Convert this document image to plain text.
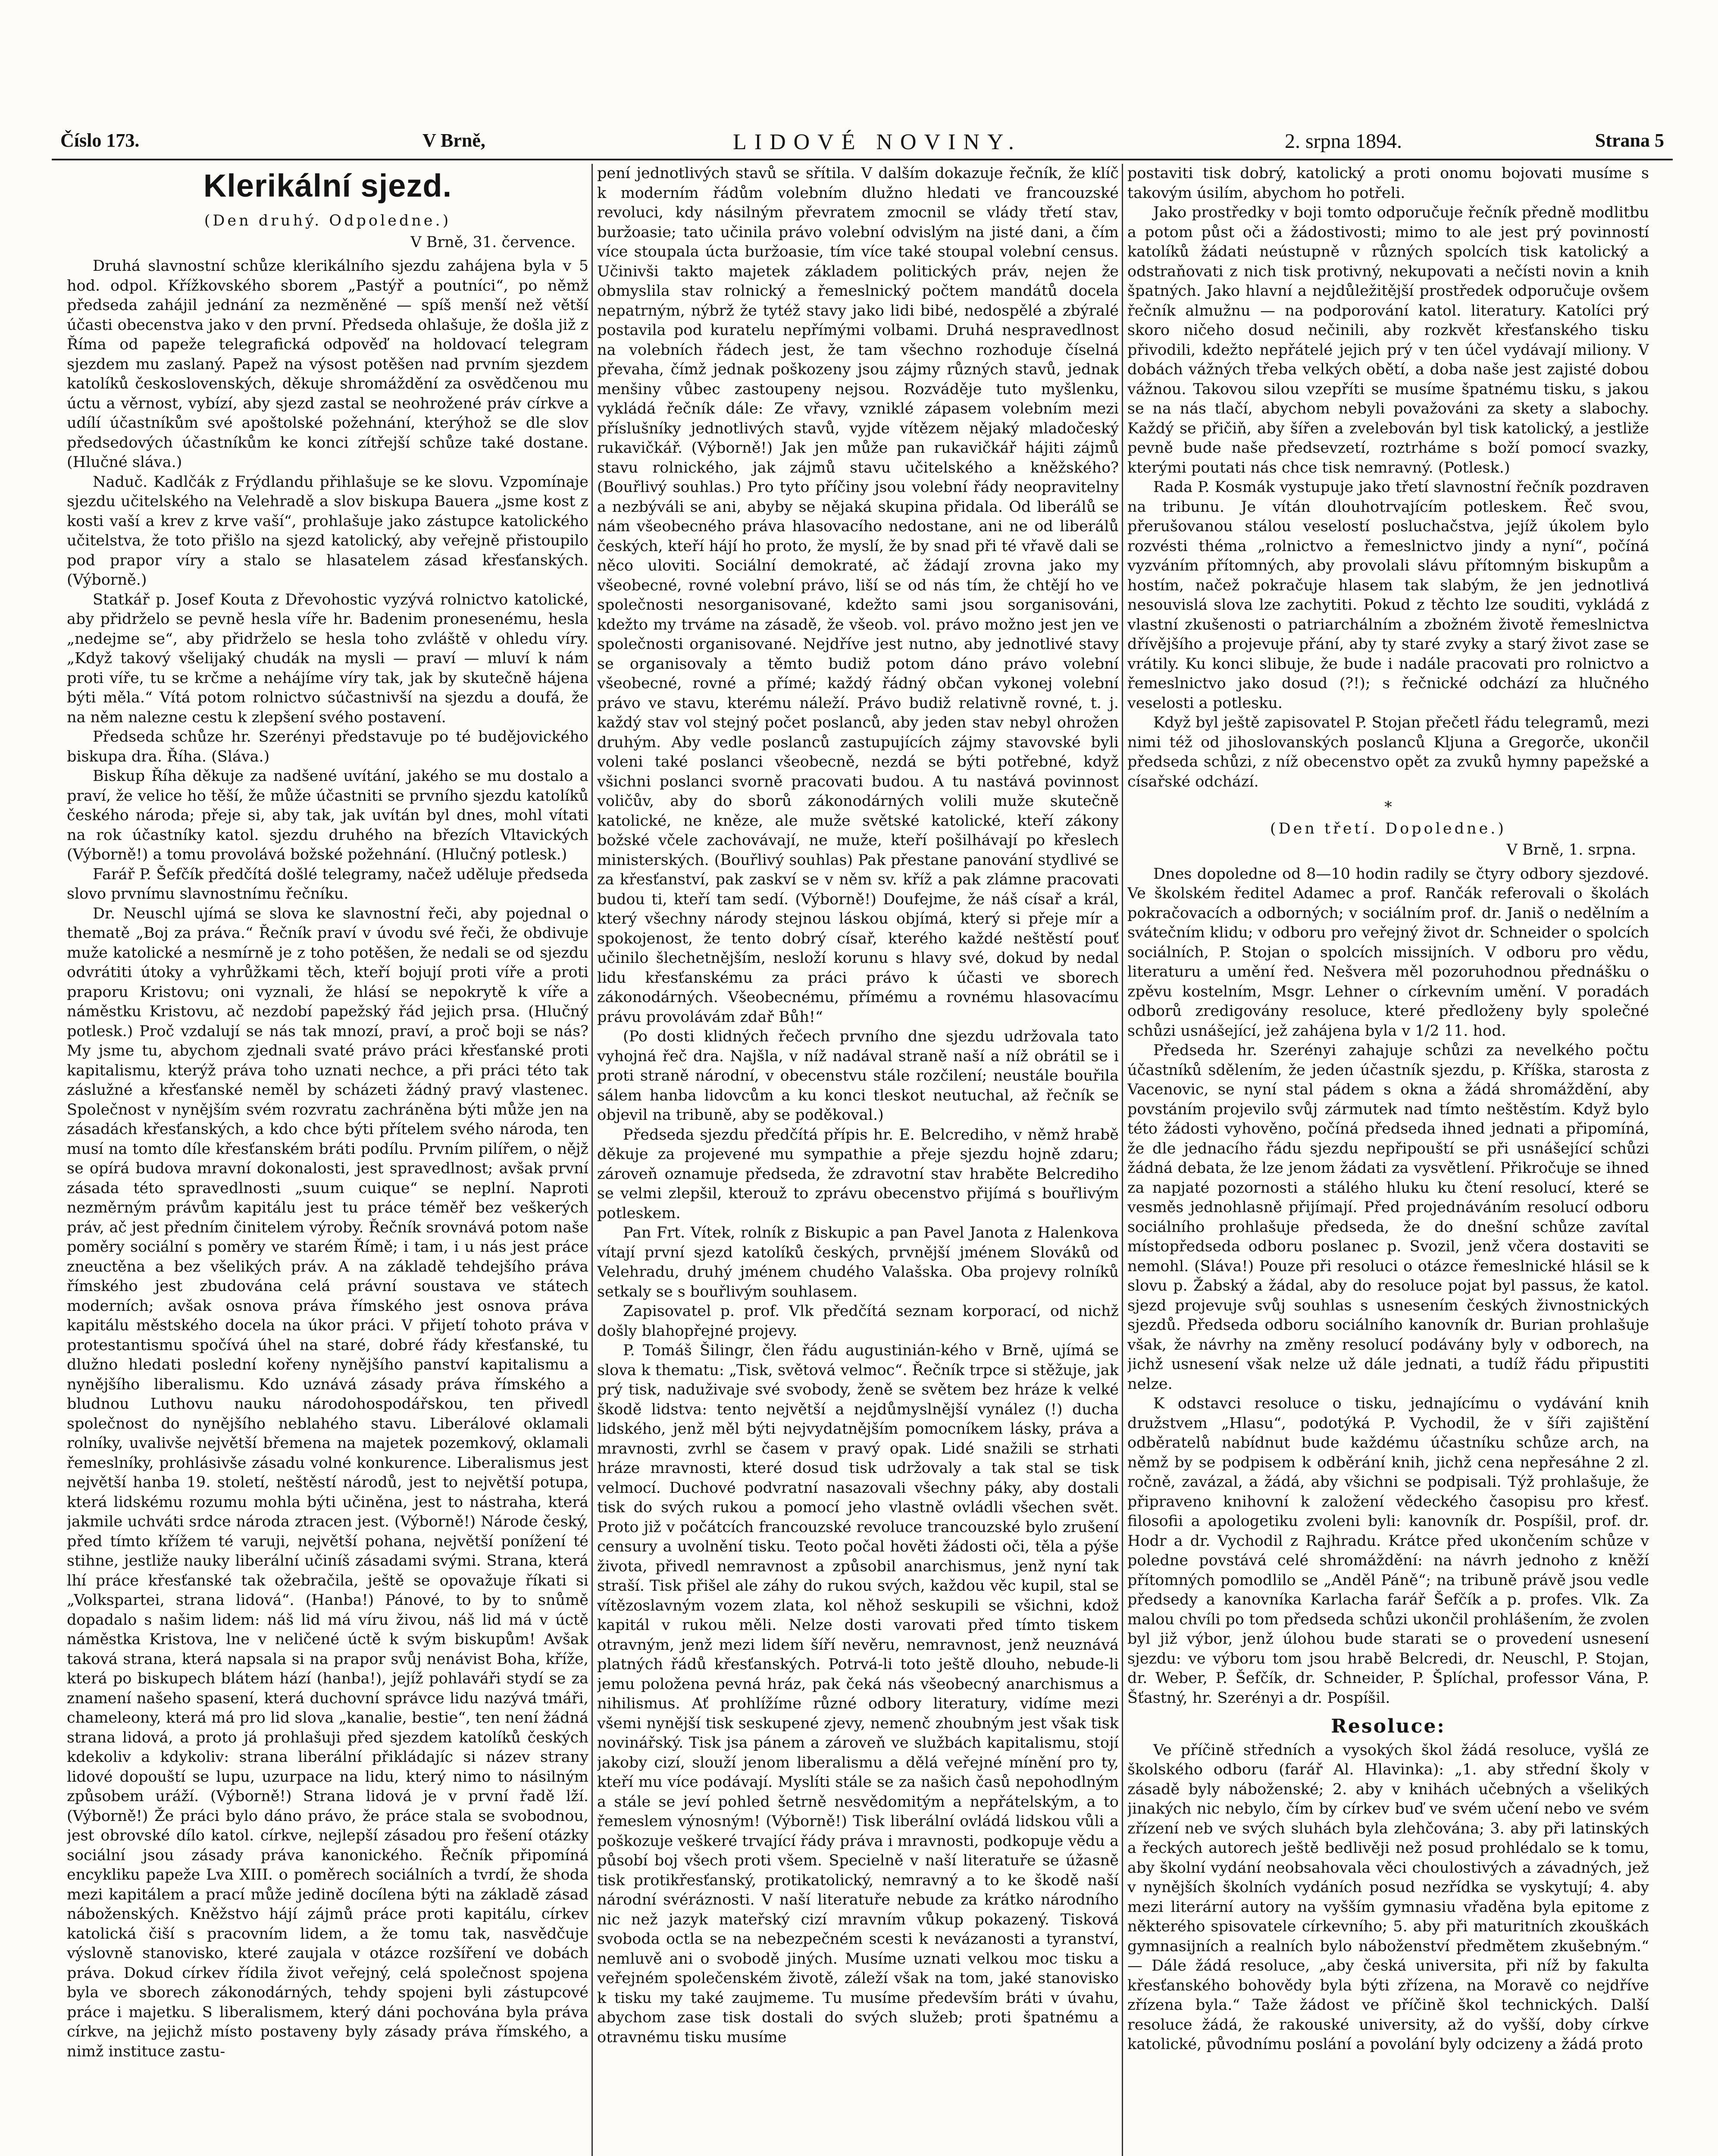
Číslo 173.	V Brně,	LIDOVÉ NOVINY.	2. srpna 1894.	Strana 5
Klerikální sjezd.
(Den druhý. Odpoledne.)
V Brně, 31. července.

Druhá slavnostní schůze klerikálního sjezdu zahájena byla v 5 hod. odpol. Křížkovského sborem „Pastýř a poutníci“, po němž předseda zahájil jednání za nezměněné — spíš menší než větší účasti obecenstva jako v den první. Předseda ohlašuje, že došla již z Říma od papeže telegrafická odpověď na holdovací telegram sjezdem mu zaslaný. Papež na výsost potěšen nad prvním sjezdem katolíků československých, děkuje shromáždění za osvědčenou mu úctu a věrnost, vybízí, aby sjezd zastal se neohrožené práv církve a udílí účastníkům své apoštolské požehnání, kterýhož se dle slov předsedových účastníkům ke konci zítřejší schůze také dostane. (Hlučné sláva.)

Naduč. Kadlčák z Frýdlandu přihlašuje se ke slovu. Vzpomínaje sjezdu učitelského na Velehradě a slov biskupa Bauera „jsme kost z kosti vaší a krev z krve vaší“, prohlašuje jako zástupce katolického učitelstva, že toto přišlo na sjezd katolický, aby veřejně přistoupilo pod prapor víry a stalo se hlasatelem zásad křesťanských. (Výborně.)

Statkář p. Josef Kouta z Dřevohostic vyzývá rolnictvo katolické, aby přidrželo se pevně hesla víře hr. Badenim pronesenému, hesla „nedejme se“, aby přidrželo se hesla toho zvláště v ohledu víry. „Když takový všelijaký chudák na mysli — praví — mluví k nám proti víře, tu se krčme a nehájíme víry tak, jak by skutečně hájena býti měla.“ Vítá potom rolnictvo súčastnivší na sjezdu a doufá, že na něm nalezne cestu k zlepšení svého postavení.

Předseda schůze hr. Szerényi představuje po té budějovického biskupa dra. Říha. (Sláva.)

Biskup Říha děkuje za nadšené uvítání, jakého se mu dostalo a praví, že velice ho těší, že může účastniti se prvního sjezdu katolíků českého národa; přeje si, aby tak, jak uvítán byl dnes, mohl vítati na rok účastníky katol. sjezdu druhého na březích Vltavických (Výborně!) a tomu provolává božské požehnání. (Hlučný potlesk.)

Farář P. Šefčík předčítá došlé telegramy, načež uděluje předseda slovo prvnímu slavnostnímu řečníku.

Dr. Neuschl ujímá se slova ke slavnostní řeči, aby pojednal o thematě „Boj za práva.“ Řečník praví v úvodu své řeči, že obdivuje muže katolické a nesmírně je z toho potěšen, že nedali se od sjezdu odvrátiti útoky a vyhrůžkami těch, kteří bojují proti víře a proti praporu Kristovu; oni vyznali, že hlásí se nepokrytě k víře a náměstku Kristovu, ač nezdobí papežský řád jejich prsa. (Hlučný potlesk.) Proč vzdalují se nás tak mnozí, praví, a proč boji se nás? My jsme tu, abychom zjednali svaté právo práci křesťanské proti kapitalismu, kterýž práva toho uznati nechce, a při práci této tak záslužné a křesťanské neměl by scházeti žádný pravý vlastenec. Společnost v nynějším svém rozvratu zachráněna býti může jen na zásadách křesťanských, a kdo chce býti přítelem svého národa, ten musí na tomto díle křesťanském bráti podílu. Prvním pilířem, o nějž se opírá budova mravní dokonalosti, jest spravedlnost; avšak první zásada této spravedlnosti „suum cuique“ se neplní. Naproti nezměrným právům kapitálu jest tu práce téměř bez veškerých práv, ač jest předním činitelem výroby. Řečník srovnává potom naše poměry sociální s poměry ve starém Římě; i tam, i u nás jest práce zneuctěna a bez všelikých práv. A na základě tehdejšího práva římského jest zbudována celá právní soustava ve státech moderních; avšak osnova práva římského jest osnova práva kapitálu městského docela na úkor práci. V přijetí tohoto práva v protestantismu spočívá úhel na staré, dobré řády křesťanské, tu dlužno hledati poslední kořeny nynějšího panství kapitalismu a nynějšího liberalismu. Kdo uznává zásady práva římského a bludnou Luthovu nauku národohospodářskou, ten přivedl společnost do nynějšího neblahého stavu. Liberálové oklamali rolníky, uvalivše největší břemena na majetek pozemkový, oklamali řemeslníky, prohlásivše zásadu volné konkurence. Liberalismus jest největší hanba 19. století, neštěstí národů, jest to největší potupa, která lidskému rozumu mohla býti učiněna, jest to nástraha, která jakmile uchváti srdce národa ztracen jest. (Výborně!) Národe český, před tímto křížem té varuji, největší pohana, největší ponížení té stihne, jestliže nauky liberální učiníš zásadami svými. Strana, která lhí práce křesťanské tak ožebračila, ještě se opovažuje říkati si „Volkspartei, strana lidová“. (Hanba!) Pánové, to by to snůmě dopadalo s našim lidem: náš lid má víru živou, náš lid má v úctě náměstka Kristova, lne v neličené úctě k svým biskupům! Avšak taková strana, která napsala si na prapor svůj nenávist Boha, kříže, která po biskupech blátem hází (hanba!), jejíž pohlaváři stydí se za znamení našeho spasení, která duchovní správce lidu nazývá tmáři, chameleony, která má pro lid slova „kanalie, bestie“, ten není žádná strana lidová, a proto já prohlašuji před sjezdem katolíků českých kdekoliv a kdykoliv: strana liberální přikládajíc si název strany lidové dopouští se lupu, uzurpace na lidu, který nimo to násilným způsobem uráží. (Výborně!) Strana lidová je v první řadě lží. (Výborně!) Že práci bylo dáno právo, že práce stala se svobodnou, jest obrovské dílo katol. církve, nejlepší zásadou pro řešení otázky sociální jsou zásady práva kanonického. Řečník připomíná encykliku papeže Lva XIII. o poměrech sociálních a tvrdí, že shoda mezi kapitálem a prací může jedině docílena býti na základě zásad náboženských. Kněžstvo hájí zájmů práce proti kapitálu, církev katolická čiší s pracovním lidem, a že tomu tak, nasvědčuje výslovně stanovisko, které zaujala v otázce rozšíření ve dobách práva. Dokud církev řídila život veřejný, celá společnost spojena byla ve sborech zákonodárných, tehdy spojeni byli zástupcové práce i majetku. S liberalismem, který dáni pochována byla práva církve, na jejichž místo postaveny byly zásady práva římského, a nimž instituce zastu-

pení jednotlivých stavů se sřítila. V dalším dokazuje řečník, že klíč k moderním řádům volebním dlužno hledati ve francouzské revoluci, kdy násilným převratem zmocnil se vlády třetí stav, buržoasie; tato učinila právo volební odvislým na jisté dani, a čím více stoupala úcta buržoasie, tím více také stoupal volební census. Učinivši takto majetek základem politických práv, nejen že obmyslila stav rolnický a řemeslnický počtem mandátů docela nepatrným, nýbrž že tytéž stavy jako lidi bibé, nedospělé a zbýralé postavila pod kuratelu nepřímými volbami. Druhá nespravedlnost na volebních řádech jest, že tam všechno rozhoduje číselná převaha, čímž jednak poškozeny jsou zájmy různých stavů, jednak menšiny vůbec zastoupeny nejsou. Rozváděje tuto myšlenku, vykládá řečník dále: Ze vřavy, vzniklé zápasem volebním mezi příslušníky jednotlivých stavů, vyjde vítězem nějaký mladočeský rukavičkář. (Výborně!) Jak jen může pan rukavičkář hájiti zájmů stavu rolnického, jak zájmů stavu učitelského a kněžského? (Bouřlivý souhlas.) Pro tyto příčiny jsou volební řády neopravitelny a nezbýváli se ani, abyby se nějaká skupina přidala. Od liberálů se nám všeobecného práva hlasovacího nedostane, ani ne od liberálů českých, kteří hájí ho proto, že myslí, že by snad při té vřavě dali se něco uloviti. Sociální demokraté, ač žádají zrovna jako my všeobecné, rovné volební právo, liší se od nás tím, že chtějí ho ve společnosti nesorganisované, kdežto sami jsou sorganisováni, kdežto my trváme na zásadě, že všeob. vol. právo možno jest jen ve společnosti organisované. Nejdříve jest nutno, aby jednotlivé stavy se organisovaly a těmto budiž potom dáno právo volební všeobecné, rovné a přímé; každý řádný občan vykonej volební právo ve stavu, kterému náleží. Právo budiž relativně rovné, t. j. každý stav vol stejný počet poslanců, aby jeden stav nebyl ohrožen druhým. Aby vedle poslanců zastupujících zájmy stavovské byli voleni také poslanci všeobecně, nezdá se býti potřebné, když všichni poslanci svorně pracovati budou. A tu nastává povinnost voličův, aby do sborů zákonodárných volili muže skutečně katolické, ne kněze, ale muže světské katolické, kteří zákony božské včele zachovávají, ne muže, kteří pošilhávají po křeslech ministerských. (Bouřlivý souhlas) Pak přestane panování stydlivé se za křesťanství, pak zaskví se v něm sv. kříž a pak zlámne pracovati budou ti, kteří tam sedí. (Výborně!) Doufejme, že náš císař a král, který všechny národy stejnou láskou objímá, který si přeje mír a spokojenost, že tento dobrý císař, kterého každé neštěstí pouť učinilo šlechetnějším, nesloží korunu s hlavy své, dokud by nedal lidu křesťanskému za práci právo k účasti ve sborech zákonodárných. Všeobecnému, přímému a rovnému hlasovacímu právu provolávám zdař Bůh!“

(Po dosti klidných řečech prvního dne sjezdu udržovala tato vyhojná řeč dra. Najšla, v níž nadával straně naší a níž obrátil se i proti straně národní, v obecenstvu stále rozčilení; neustále bouřila sálem hanba lidovcům a ku konci tleskot neutuchal, až řečník se objevil na tribuně, aby se poděkoval.)

Předseda sjezdu předčítá přípis hr. E. Belcrediho, v němž hrabě děkuje za projevené mu sympathie a přeje sjezdu hojně zdaru; zároveň oznamuje předseda, že zdravotní stav hraběte Belcrediho se velmi zlepšil, kterouž to zprávu obecenstvo přijímá s bouřlivým potleskem.

Pan Frt. Vítek, rolník z Biskupic a pan Pavel Janota z Halenkova vítají první sjezd katolíků českých, prvnější jménem Slováků od Velehradu, druhý jménem chudého Valašska. Oba projevy rolníků setkaly se s bouřlivým souhlasem.

Zapisovatel p. prof. Vlk předčítá seznam korporací, od nichž došly blahopřejné projevy.

P. Tomáš Šilingr, člen řádu augustinián-kého v Brně, ujímá se slova k thematu: „Tisk, světová velmoc“. Řečník trpce si stěžuje, jak prý tisk, naduživaje své svobody, ženě se světem bez hráze k velké škodě lidstva: tento největší a nejdůmyslnější vynález (!) ducha lidského, jenž měl býti nejvydatnějším pomocníkem lásky, práva a mravnosti, zvrhl se časem v pravý opak. Lidé snažili se strhati hráze mravnosti, které dosud tisk udržovaly a tak stal se tisk velmocí. Duchové podvratní nasazovali všechny páky, aby dostali tisk do svých rukou a pomocí jeho vlastně ovládli všechen svět. Proto již v počátcích francouzské revoluce trancouzské bylo zrušení censury a uvolnění tisku. Teoto počal hověti žádosti oči, těla a pýše života, přivedl nemravnost a způsobil anarchismus, jenž nyní tak straší. Tisk přišel ale záhy do rukou svých, každou věc kupil, stal se vítězoslavným vozem zlata, kol něhož seskupili se všichni, kdož kapitál v rukou měli. Nelze dosti varovati před tímto tiskem otravným, jenž mezi lidem šíří nevěru, nemravnost, jenž neuznává platných řádů křesťanských. Potrvá-li toto ještě dlouho, nebude-li jemu položena pevná hráz, pak čeká nás všeobecný anarchismus a nihilismus. Ať prohlížíme různé odbory literatury, vidíme mezi všemi nynější tisk seskupené zjevy, nemenč zhoubným jest však tisk novinářský. Tisk jsa pánem a zároveň ve službách kapitalismu, stojí jakoby cizí, slouží jenom liberalismu a dělá veřejné mínění pro ty, kteří mu více podávají. Myslíti stále se za našich časů nepohodlným a stále se jeví pohled šetrně nesvědomitým a nepřátelským, a to řemeslem výnosným! (Výborně!) Tisk liberální ovládá lidskou vůli a poškozuje veškeré trvající řády práva i mravnosti, podkopuje vědu a působí boj všech proti všem. Specielně v naší literatuře se úžasně tisk protikřesťanský, protikatolický, nemravný a to ke škodě naší národní svéráznosti. V naší literatuře nebude za krátko národního nic než jazyk mateřský cizí mravním vůkup pokazený. Tisková svoboda octla se na nebezpečném scesti k nevázanosti a tyranství, nemluvě ani o svobodě jiných. Musíme uznati velkou moc tisku a veřejném společenském životě, záleží však na tom, jaké stanovisko k tisku my také zaujmeme. Tu musíme především bráti v úvahu, abychom zase tisk dostali do svých služeb; proti špatnému a otravnému tisku musíme

postaviti tisk dobrý, katolický a proti onomu bojovati musíme s takovým úsilím, abychom ho potřeli.

Jako prostředky v boji tomto odporučuje řečník předně modlitbu a potom půst oči a žádostivosti; mimo to ale jest prý povinností katolíků žádati neústupně v různých spolcích tisk katolický a odstraňovati z nich tisk protivný, nekupovati a nečísti novin a knih špatných. Jako hlavní a nejdůležitější prostředek odporučuje ovšem řečník almužnu — na podporování katol. literatury. Katolíci prý skoro ničeho dosud nečinili, aby rozkvět křesťanského tisku přivodili, kdežto nepřátelé jejich prý v ten účel vydávají miliony. V dobách vážných třeba velkých obětí, a doba naše jest zajisté dobou vážnou. Takovou silou vzepříti se musíme špatnému tisku, s jakou se na nás tlačí, abychom nebyli považováni za skety a slabochy. Každý se přičiň, aby šířen a zvelebován byl tisk katolický, a jestliže pevně bude naše předsevzetí, roztrháme s boží pomocí svazky, kterými poutati nás chce tisk nemravný. (Potlesk.)

Rada P. Kosmák vystupuje jako třetí slavnostní řečník pozdraven na tribunu. Je vítán dlouhotrvajícím potleskem. Řeč svou, přerušovanou stálou veselostí posluchačstva, jejíž úkolem bylo rozvésti théma „rolnictvo a řemeslnictvo jindy a nyní“, počíná vyzváním přítomných, aby provolali slávu přítomným biskupům a hostím, načež pokračuje hlasem tak slabým, že jen jednotlivá nesouvislá slova lze zachytiti. Pokud z těchto lze souditi, vykládá z vlastní zkušenosti o patriarchálním a zbožném životě řemeslnictva dřívějšího a projevuje přání, aby ty staré zvyky a starý život zase se vrátily. Ku konci slibuje, že bude i nadále pracovati pro rolnictvo a řemeslnictvo jako dosud (?!); s řečnické odchází za hlučného veselosti a potlesku.

Když byl ještě zapisovatel P. Stojan přečetl řádu telegramů, mezi nimi též od jihoslovanských poslanců Kljuna a Gregorče, ukončil předseda schůzi, z níž obecenstvo opět za zvuků hymny papežské a císařské odchází.

*
(Den třetí. Dopoledne.)
V Brně, 1. srpna.

Dnes dopoledne od 8—10 hodin radily se čtyry odbory sjezdové. Ve školském ředitel Adamec a prof. Rančák referovali o školách pokračovacích a odborných; v sociálním prof. dr. Janiš o nedělním a svátečním klidu; v odboru pro veřejný život dr. Schneider o spolcích sociálních, P. Stojan o spolcích missijních. V odboru pro vědu, literaturu a umění řed. Nešvera měl pozoruhodnou přednášku o zpěvu kostelním, Msgr. Lehner o církevním umění. V poradách odborů zredigovány resoluce, které předloženy byly společné schůzi usnášející, jež zahájena byla v 1/2 11. hod.

Předseda hr. Szerényi zahajuje schůzi za nevelkého počtu účastníků sdělením, že jeden účastník sjezdu, p. Kříška, starosta z Vacenovic, se nyní stal pádem s okna a žádá shromáždění, aby povstáním projevilo svůj zármutek nad tímto neštěstím. Když bylo této žádosti vyhověno, počíná předseda ihned jednati a připomíná, že dle jednacího řádu sjezdu nepřipouští se při usnášející schůzi žádná debata, že lze jenom žádati za vysvětlení. Přikročuje se ihned za napjaté pozornosti a stálého hluku ku čtení resolucí, které se vesměs jednohlasně přijímají. Před projednáváním resolucí odboru sociálního prohlašuje předseda, že do dnešní schůze zavítal místopředseda odboru poslanec p. Svozil, jenž včera dostaviti se nemohl. (Sláva!) Pouze při resoluci o otázce řemeslnické hlásil se k slovu p. Žabský a žádal, aby do resoluce pojat byl passus, že katol. sjezd projevuje svůj souhlas s usnesením českých živnostnických sjezdů. Předseda odboru sociálního kanovník dr. Burian prohlašuje však, že návrhy na změny resolucí podávány byly v odborech, na jichž usnesení však nelze už dále jednati, a tudíž řádu připustiti nelze.

K odstavci resoluce o tisku, jednajícímu o vydávání knih družstvem „Hlasu“, podotýká P. Vychodil, že v šíři zajištění odběratelů nabídnut bude každému účastníku schůze arch, na němž by se podpisem k odběrání knih, jichž cena nepřesáhne 2 zl. ročně, zavázal, a žádá, aby všichni se podpisali. Týž prohlašuje, že připraveno knihovní k založení vědeckého časopisu pro křesť. filosofii a apologetiku zvoleni byli: kanovník dr. Pospíšil, prof. dr. Hodr a dr. Vychodil z Rajhradu. Krátce před ukončením schůze v poledne povstává celé shromáždění: na návrh jednoho z kněží přítomných pomodlilo se „Anděl Páně“; na tribuně právě jsou vedle předsedy a kanovníka Karlacha farář Šefčík a p. profes. Vlk. Za malou chvíli po tom předseda schůzi ukončil prohlášením, že zvolen byl již výbor, jenž úlohou bude starati se o provedení usnesení sjezdu: ve výboru tom jsou hrabě Belcredi, dr. Neuschl, P. Stojan, dr. Weber, P. Šefčík, dr. Schneider, P. Šplíchal, professor Vána, P. Šťastný, hr. Szerényi a dr. Pospíšil.

Resoluce:

Ve příčině středních a vysokých škol žádá resoluce, vyšlá ze školského odboru (farář Al. Hlavinka): „1. aby střední školy v zásadě byly náboženské; 2. aby v knihách učebných a všelikých jinakých nic nebylo, čím by církev buď ve svém učení nebo ve svém zřízení neb ve svých sluhách byla zlehčována; 3. aby při latinských a řeckých autorech ještě bedlivěji než posud prohlédalo se k tomu, aby školní vydání neobsahovala věci choulostivých a závadných, jež v nynějších školních vydáních posud nezřídka se vyskytují; 4. aby mezi literární autory na vyšším gymnasiu vřaděna byla epitome z některého spisovatele církevního; 5. aby při maturitních zkouškách gymnasijních a realních bylo náboženství předmětem zkušebným.“ — Dále žádá resoluce, „aby česká universita, při níž by fakulta křesťanského bohovědy byla býti zřízena, na Moravě co nejdříve zřízena byla.“ Taže žádost ve příčině škol technických. Další resoluce žádá, že rakouské university, až do vyšší, doby církve katolické, původnímu poslání a povolání byly odcizeny a žádá proto
